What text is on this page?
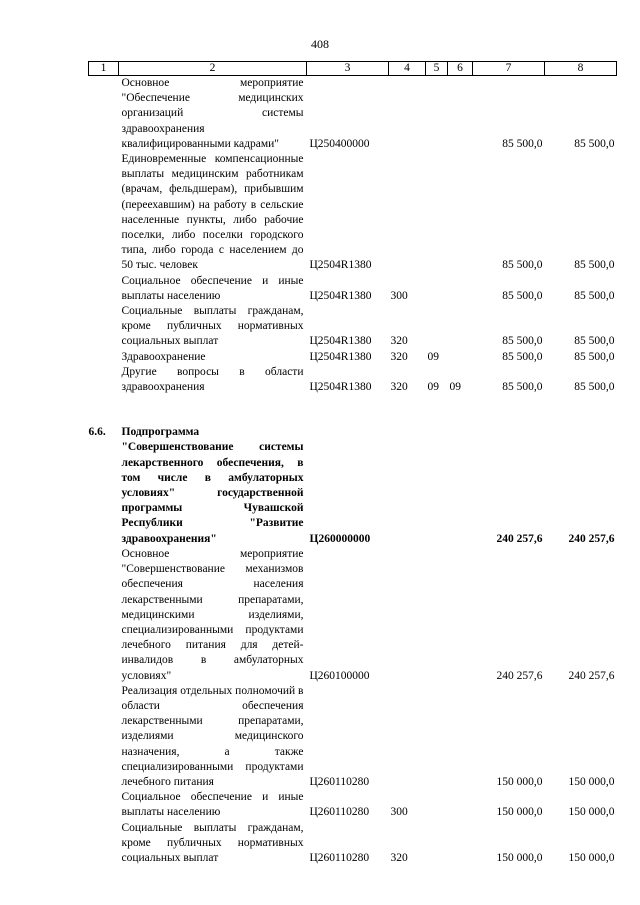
408
1	2	3	4	5	6	7	8
	Основное мероприятие "Обеспечение медицинских организаций системы здравоохранения квалифицированными кадрами"	Ц250400000				85 500,0	85 500,0
	Единовременные компенсационные выплаты медицинским работникам (врачам, фельдшерам), прибывшим (переехавшим) на работу в сельские населенные пункты, либо рабочие поселки, либо поселки городского типа, либо города с населением до 50 тыс. человек	Ц2504R1380				85 500,0	85 500,0
	Социальное обеспечение и иные выплаты населению	Ц2504R1380	300			85 500,0	85 500,0
	Социальные выплаты гражданам, кроме публичных нормативных социальных выплат	Ц2504R1380	320			85 500,0	85 500,0
	Здравоохранение	Ц2504R1380	320	09		85 500,0	85 500,0
	Другие вопросы в области здравоохранения	Ц2504R1380	320	09	09	85 500,0	85 500,0

6.6.	Подпрограмма "Совершенствование системы лекарственного обеспечения, в том числе в амбулаторных условиях" государственной программы Чувашской Республики "Развитие здравоохранения"	Ц260000000				240 257,6	240 257,6
	Основное мероприятие "Совершенствование механизмов обеспечения населения лекарственными препаратами, медицинскими изделиями, специализированными продуктами лечебного питания для детей-инвалидов в амбулаторных условиях"	Ц260100000				240 257,6	240 257,6
	Реализация отдельных полномочий в области обеспечения лекарственными препаратами, изделиями медицинского назначения, а также специализированными продуктами лечебного питания	Ц260110280				150 000,0	150 000,0
	Социальное обеспечение и иные выплаты населению	Ц260110280	300			150 000,0	150 000,0
	Социальные выплаты гражданам, кроме публичных нормативных социальных выплат	Ц260110280	320			150 000,0	150 000,0
